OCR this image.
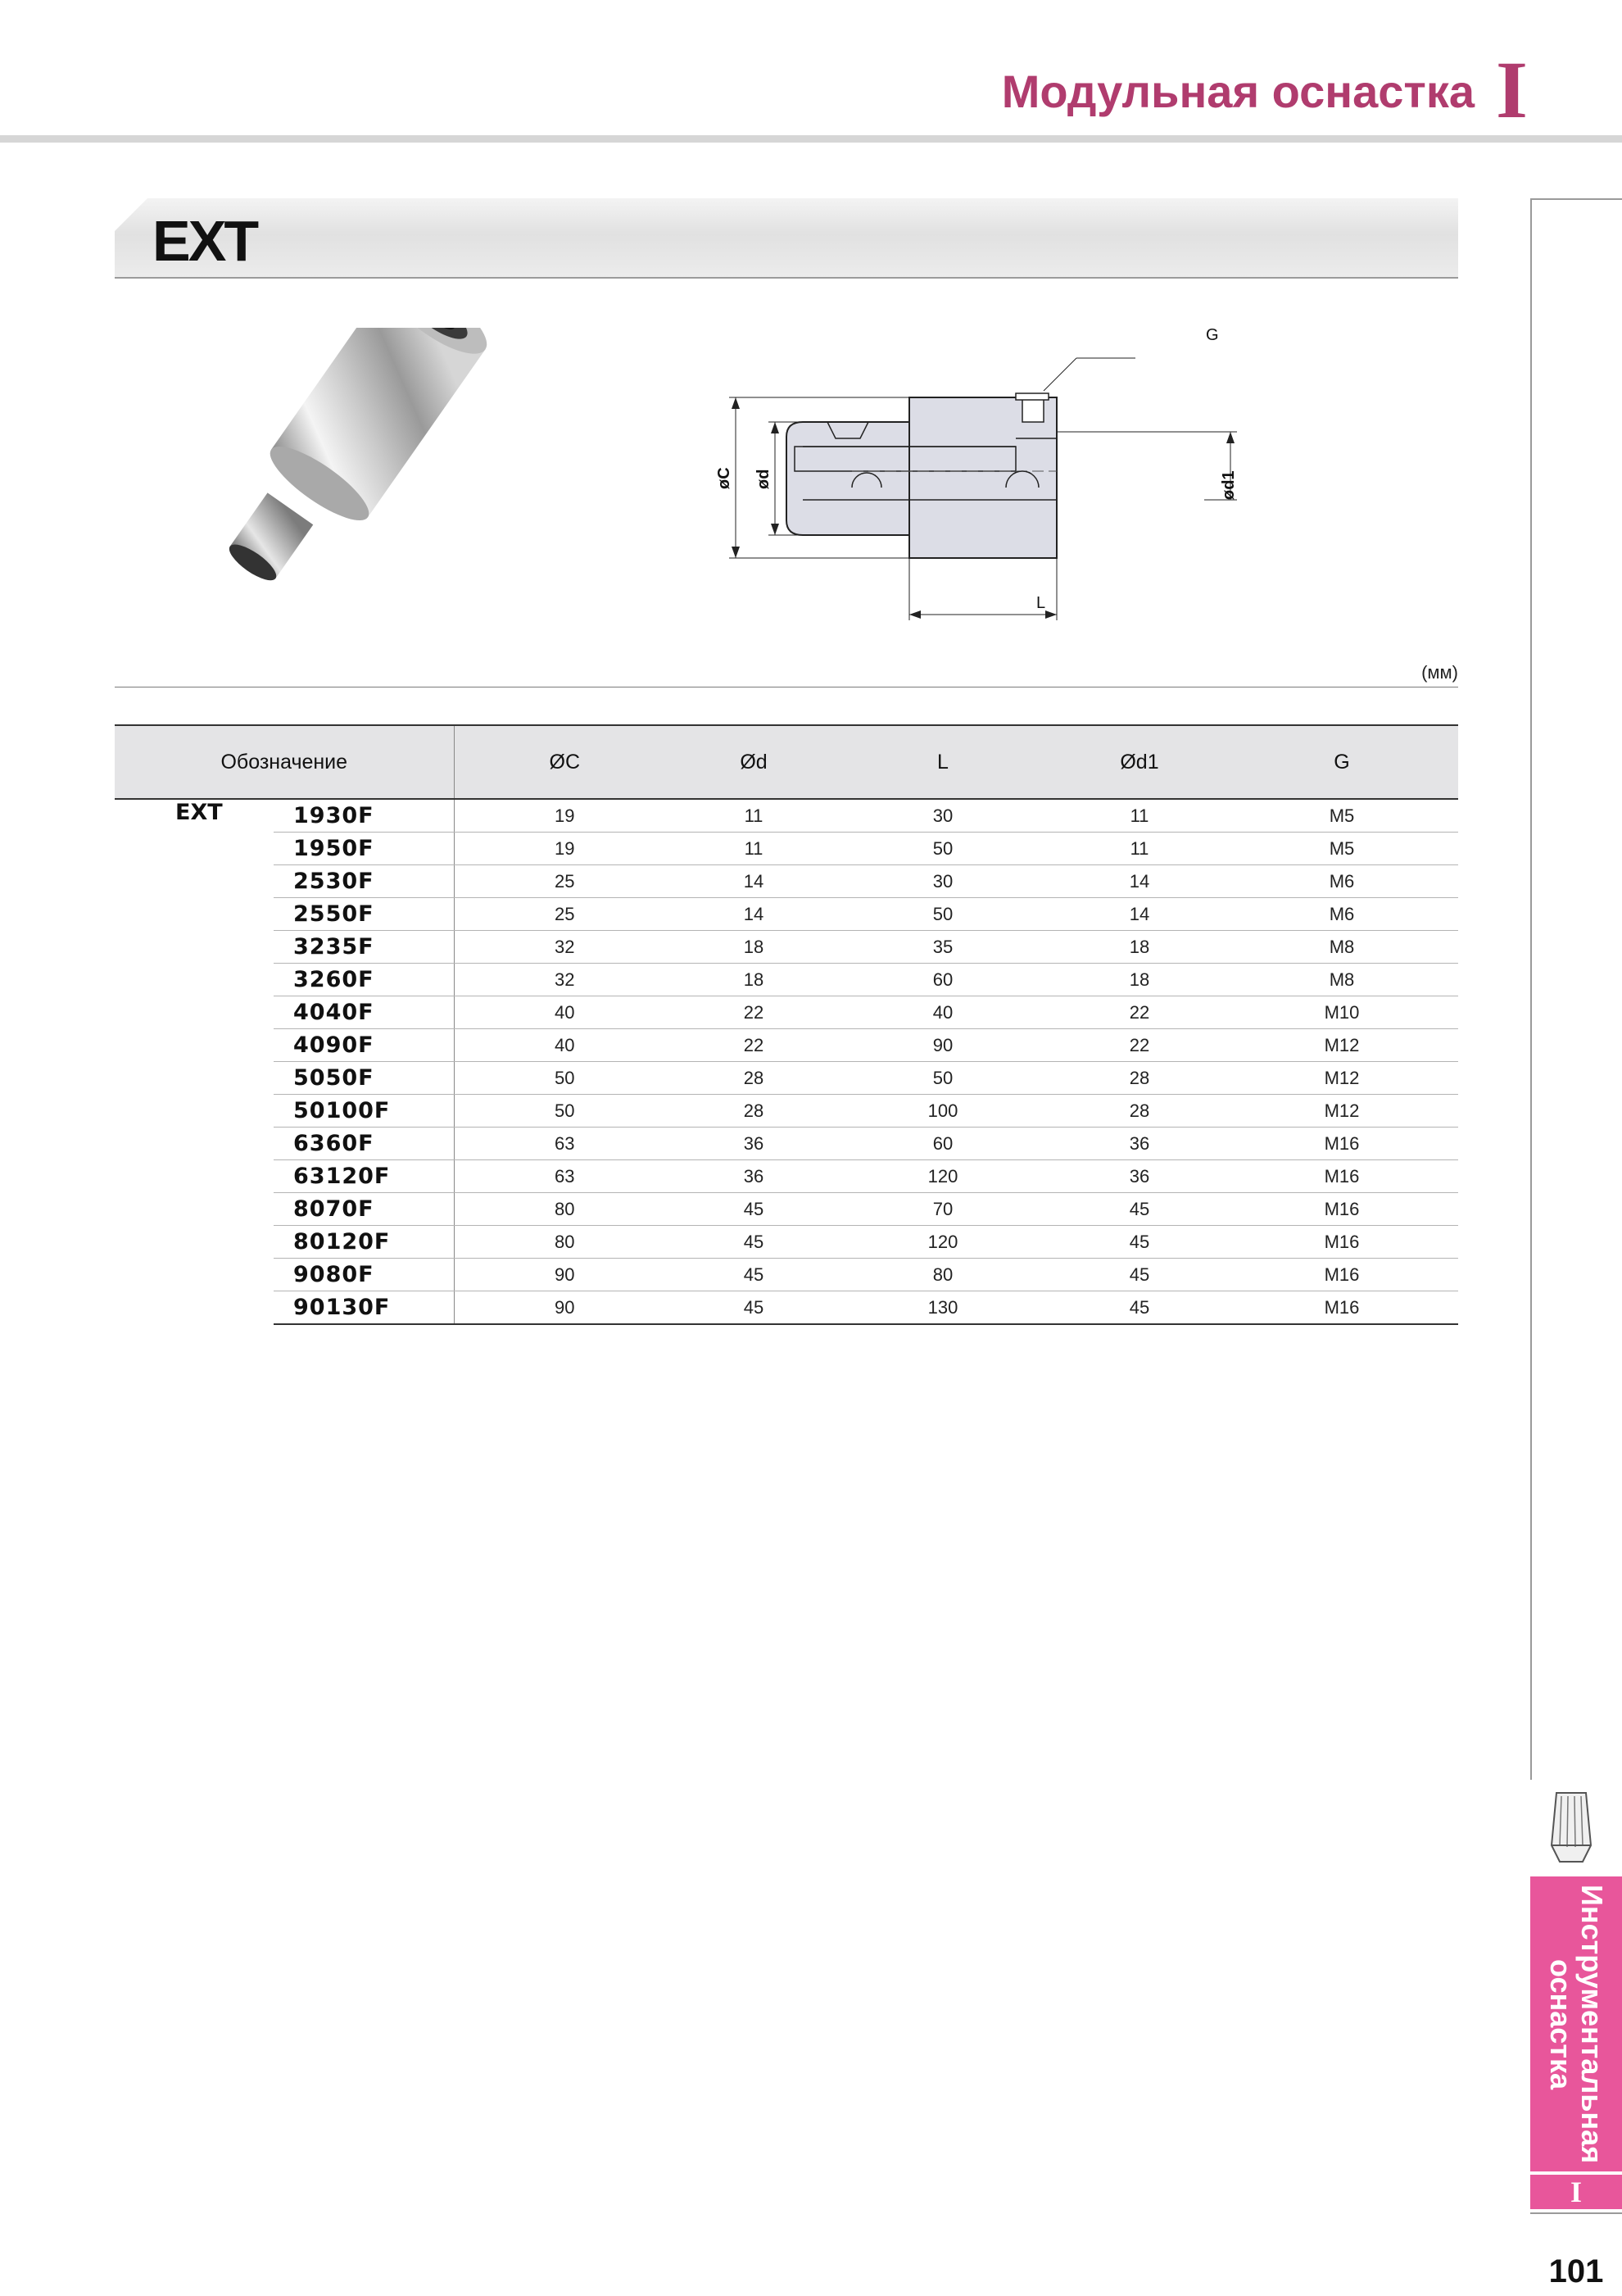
Модульная оснастка I
EXT
øC ød	ød1
G
L
(мм)
Обозначение		ØC	Ød	L	Ød1	G
EXT	1930F	19	11	30	11	M5
	1950F	19	11	50	11	M5
	2530F	25	14	30	14	M6
	2550F	25	14	50	14	M6
	3235F	32	18	35	18	M8
	3260F	32	18	60	18	M8
	4040F	40	22	40	22	M10
	4090F	40	22	90	22	M12
	5050F	50	28	50	28	M12
	50100F	50	28	100	28	M12
	6360F	63	36	60	36	M16
	63120F	63	36	120	36	M16
	8070F	80	45	70	45	M16
	80120F	80	45	120	45	M16
	9080F	90	45	80	45	M16
	90130F	90	45	130	45	M16
Инструментальная оснастка
I
101
